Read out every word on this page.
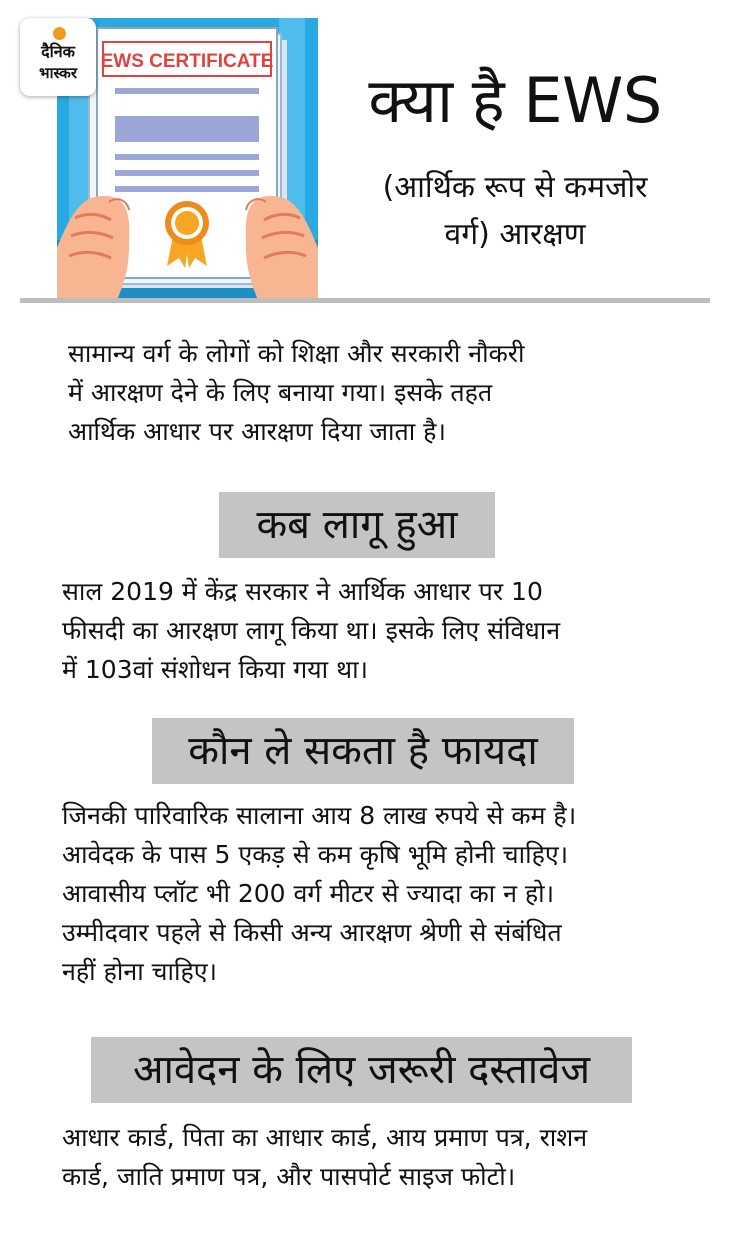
EWS CERTIFICATE
दैनिक
भास्कर	क्या है EWS
(आर्थिक रूप से कमजोर
वर्ग) आरक्षण

सामान्य वर्ग के लोगों को शिक्षा और सरकारी नौकरी
में आरक्षण देने के लिए बनाया गया। इसके तहत
आर्थिक आधार पर आरक्षण दिया जाता है।

कब लागू हुआ

साल 2019 में केंद्र सरकार ने आर्थिक आधार पर 10
फीसदी का आरक्षण लागू किया था। इसके लिए संविधान
में 103वां संशोधन किया गया था।

कौन ले सकता है फायदा

जिनकी पारिवारिक सालाना आय 8 लाख रुपये से कम है।
आवेदक के पास 5 एकड़ से कम कृषि भूमि होनी चाहिए।
आवासीय प्लॉट भी 200 वर्ग मीटर से ज्यादा का न हो।
उम्मीदवार पहले से किसी अन्य आरक्षण श्रेणी से संबंधित
नहीं होना चाहिए।

आवेदन के लिए जरूरी दस्तावेज

आधार कार्ड, पिता का आधार कार्ड, आय प्रमाण पत्र, राशन
कार्ड, जाति प्रमाण पत्र, और पासपोर्ट साइज फोटो।
